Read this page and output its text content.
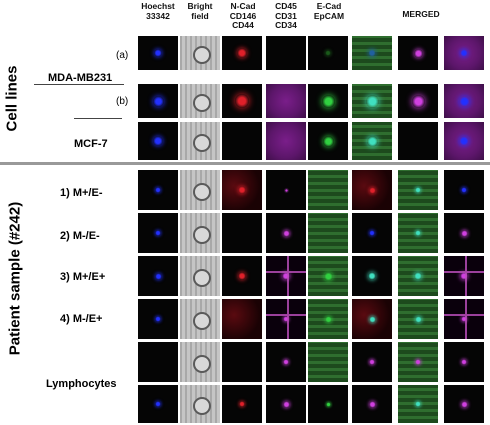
Hoechst 33342
Bright field
N-Cad CD146 CD44
CD45 CD31 CD34
E-Cad EpCAM	MERGED
Cell lines
Patient sample (#242)
(a)
MDA-MB231
(b)
MCF-7
1) M+/E-
2) M-/E-
3) M+/E+
4) M-/E+
Lymphocytes
